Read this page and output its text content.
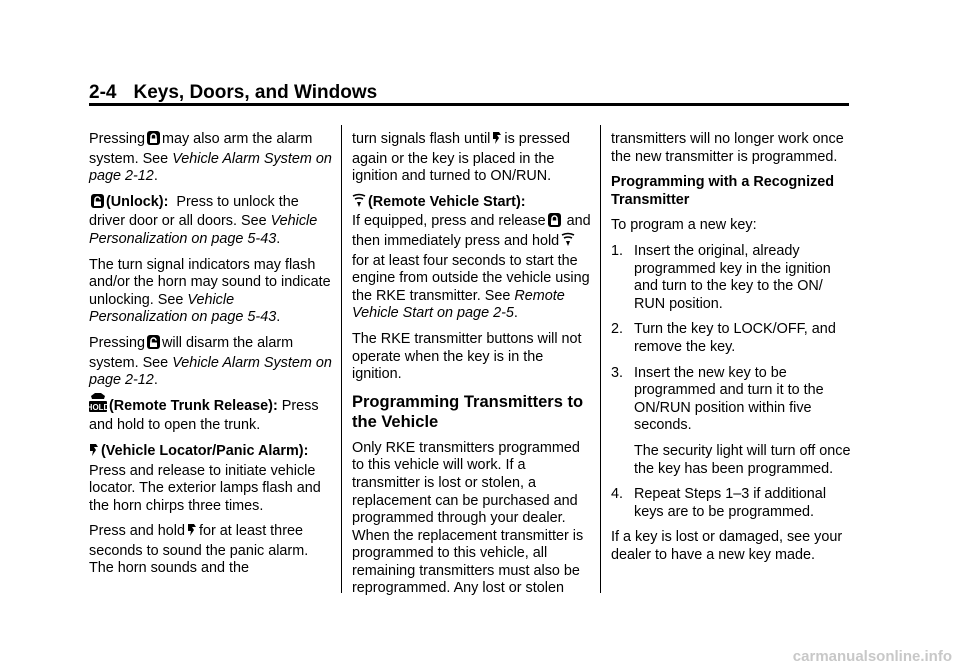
2-4 Keys, Doors, and Windows

Pressing may also arm the alarm system. See Vehicle Alarm System on page 2-12.

(Unlock): Press to unlock the driver door or all doors. See Vehicle Personalization on page 5-43.

The turn signal indicators may flash and/or the horn may sound to indicate unlocking. See Vehicle Personalization on page 5-43.

Pressing will disarm the alarm system. See Vehicle Alarm System on page 2-12.

HOLD (Remote Trunk Release): Press and hold to open the trunk.

(Vehicle Locator/Panic Alarm):  Press and release to initiate vehicle locator. The exterior lamps flash and the horn chirps three times.

Press and hold for at least three seconds to sound the panic alarm. The horn sounds and the

turn signals flash until is pressed again or the key is placed in the ignition and turned to ON/RUN.

(Remote Vehicle Start):
If equipped, press and release and then immediately press and holdfor at least four seconds to start the engine from outside the vehicle using the RKE transmitter. See Remote Vehicle Start on page 2-5.

The RKE transmitter buttons will not operate when the key is in the ignition.

Programming Transmitters to the Vehicle

Only RKE transmitters programmed to this vehicle will work. If a transmitter is lost or stolen, a replacement can be purchased and programmed through your dealer. When the replacement transmitter is programmed to this vehicle, all remaining transmitters must also be reprogrammed. Any lost or stolen

transmitters will no longer work once the new transmitter is programmed.

Programming with a Recognized Transmitter

To program a new key:

1. Insert the original, already programmed key in the ignition and turn to the key to the ON/ RUN position.
2. Turn the key to LOCK/OFF, and remove the key.
3. Insert the new key to be programmed and turn it to the ON/RUN position within five seconds.

The security light will turn off once the key has been programmed.

4. Repeat Steps 1–3 if additional keys are to be programmed.

If a key is lost or damaged, see your dealer to have a new key made.

carmanualsonline.info
